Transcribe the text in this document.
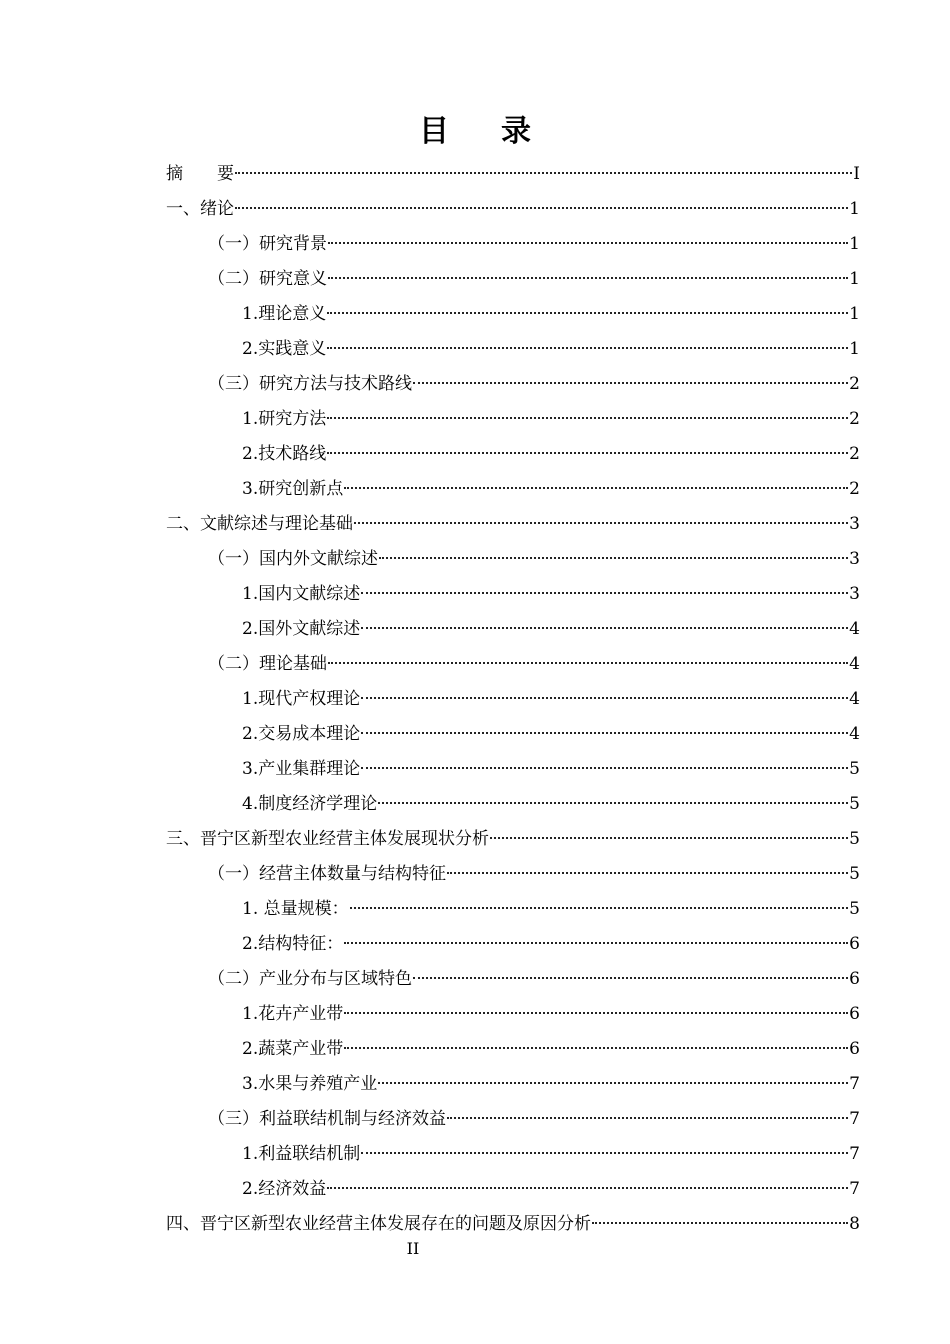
目录
摘　　要	I
一、绪论	1
（一）研究背景	1
（二）研究意义	1
1.理论意义	1
2.实践意义	1
（三）研究方法与技术路线	2
1.研究方法	2
2.技术路线	2
3.研究创新点	2
二、文献综述与理论基础	3
（一）国内外文献综述	3
1.国内文献综述	3
2.国外文献综述	4
（二）理论基础	4
1.现代产权理论	4
2.交易成本理论	4
3.产业集群理论	5
4.制度经济学理论	5
三、晋宁区新型农业经营主体发展现状分析	5
（一）经营主体数量与结构特征	5
1. 总量规模：	5
2.结构特征：	6
（二）产业分布与区域特色	6
1.花卉产业带	6
2.蔬菜产业带	6
3.水果与养殖产业	7
（三）利益联结机制与经济效益	7
1.利益联结机制	7
2.经济效益	7
四、晋宁区新型农业经营主体发展存在的问题及原因分析	8
II
